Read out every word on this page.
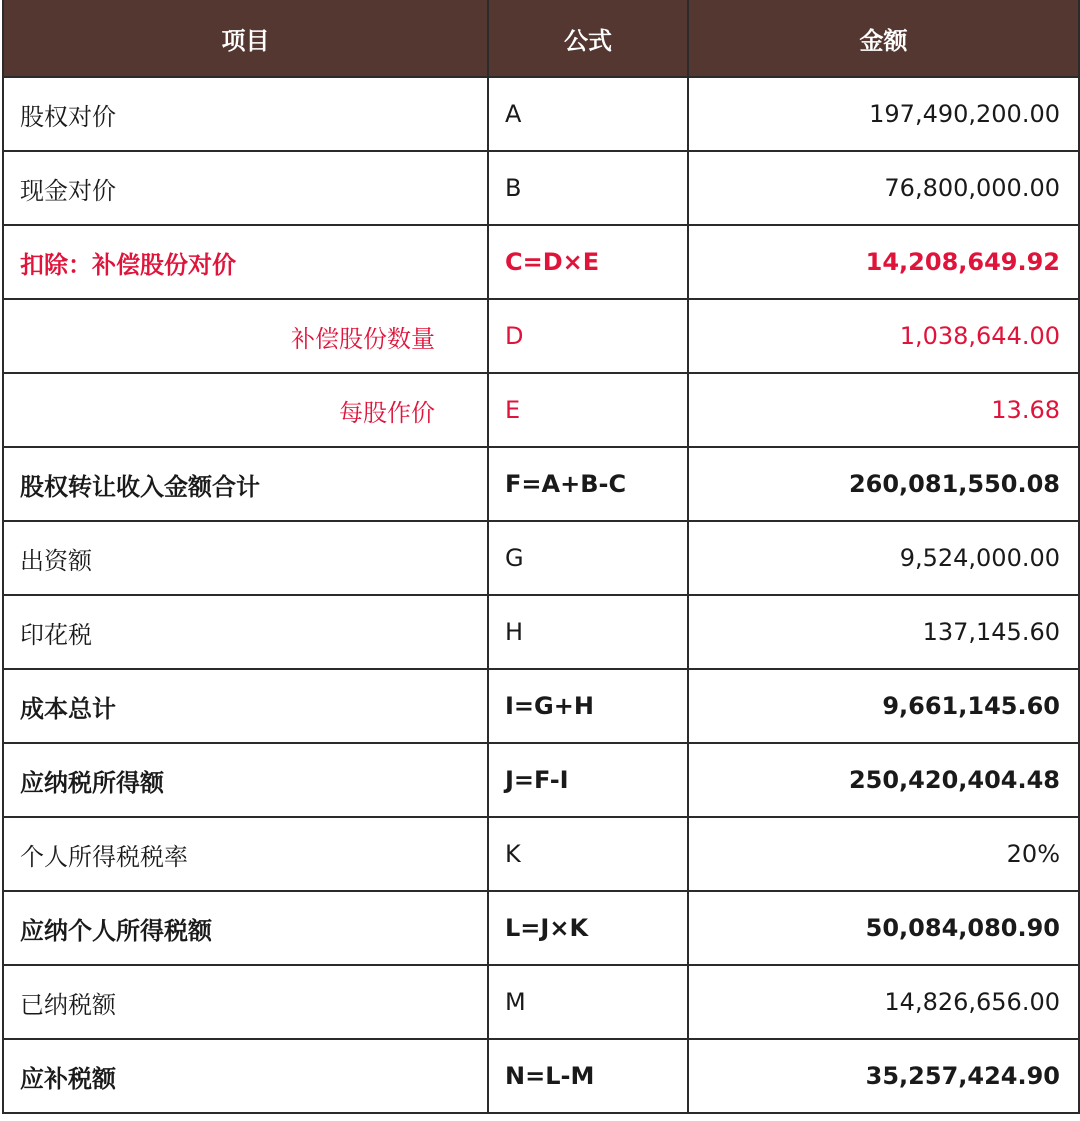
项目	公式	金额
股权对价	A	197,490,200.00
现金对价	B	76,800,000.00
扣除：补偿股份对价	C=D×E	14,208,649.92
补偿股份数量	D	1,038,644.00
每股作价	E	13.68
股权转让收入金额合计	F=A+B-C	260,081,550.08
出资额	G	9,524,000.00
印花税	H	137,145.60
成本总计	I=G+H	9,661,145.60
应纳税所得额	J=F-I	250,420,404.48
个人所得税税率	K	20%
应纳个人所得税额	L=J×K	50,084,080.90
已纳税额	M	14,826,656.00
应补税额	N=L-M	35,257,424.90
